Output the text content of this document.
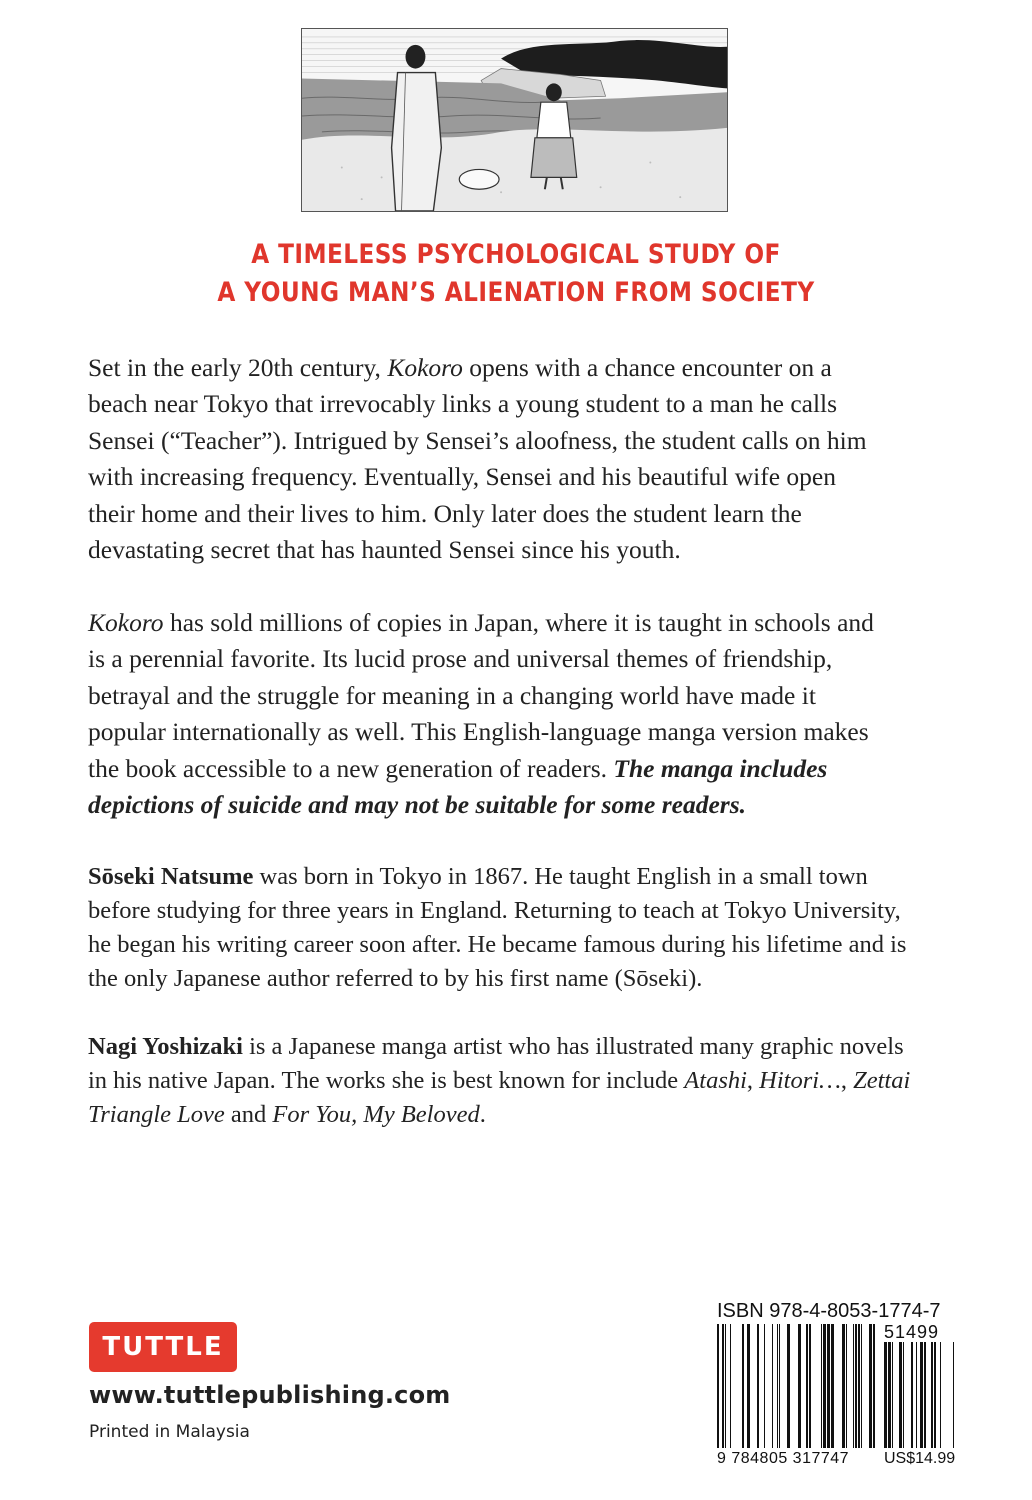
A TIMELESS PSYCHOLOGICAL STUDY OF
A YOUNG MAN’S ALIENATION FROM SOCIETY
Set in the early 20th century, Kokoro opens with a chance encounter on a
beach near Tokyo that irrevocably links a young student to a man he calls
Sensei (“Teacher”). Intrigued by Sensei’s aloofness, the student calls on him
with increasing frequency. Eventually, Sensei and his beautiful wife open
their home and their lives to him. Only later does the student learn the
devastating secret that has haunted Sensei since his youth.
Kokoro has sold millions of copies in Japan, where it is taught in schools and
is a perennial favorite. Its lucid prose and universal themes of friendship,
betrayal and the struggle for meaning in a changing world have made it
popular internationally as well. This English-language manga version makes
the book accessible to a new generation of readers. The manga includes
depictions of suicide and may not be suitable for some readers.
Sōseki Natsume was born in Tokyo in 1867. He taught English in a small town
before studying for three years in England. Returning to teach at Tokyo University,
he began his writing career soon after. He became famous during his lifetime and is
the only Japanese author referred to by his first name (Sōseki).
Nagi Yoshizaki is a Japanese manga artist who has illustrated many graphic novels
in his native Japan. The works she is best known for include Atashi, Hitori…, Zettai
Triangle Love and For You, My Beloved.
TUTTLE
www.tuttlepublishing.com
Printed in Malaysia
ISBN 978-4-8053-1774-7
51499
9 784805 317747 US$14.99
